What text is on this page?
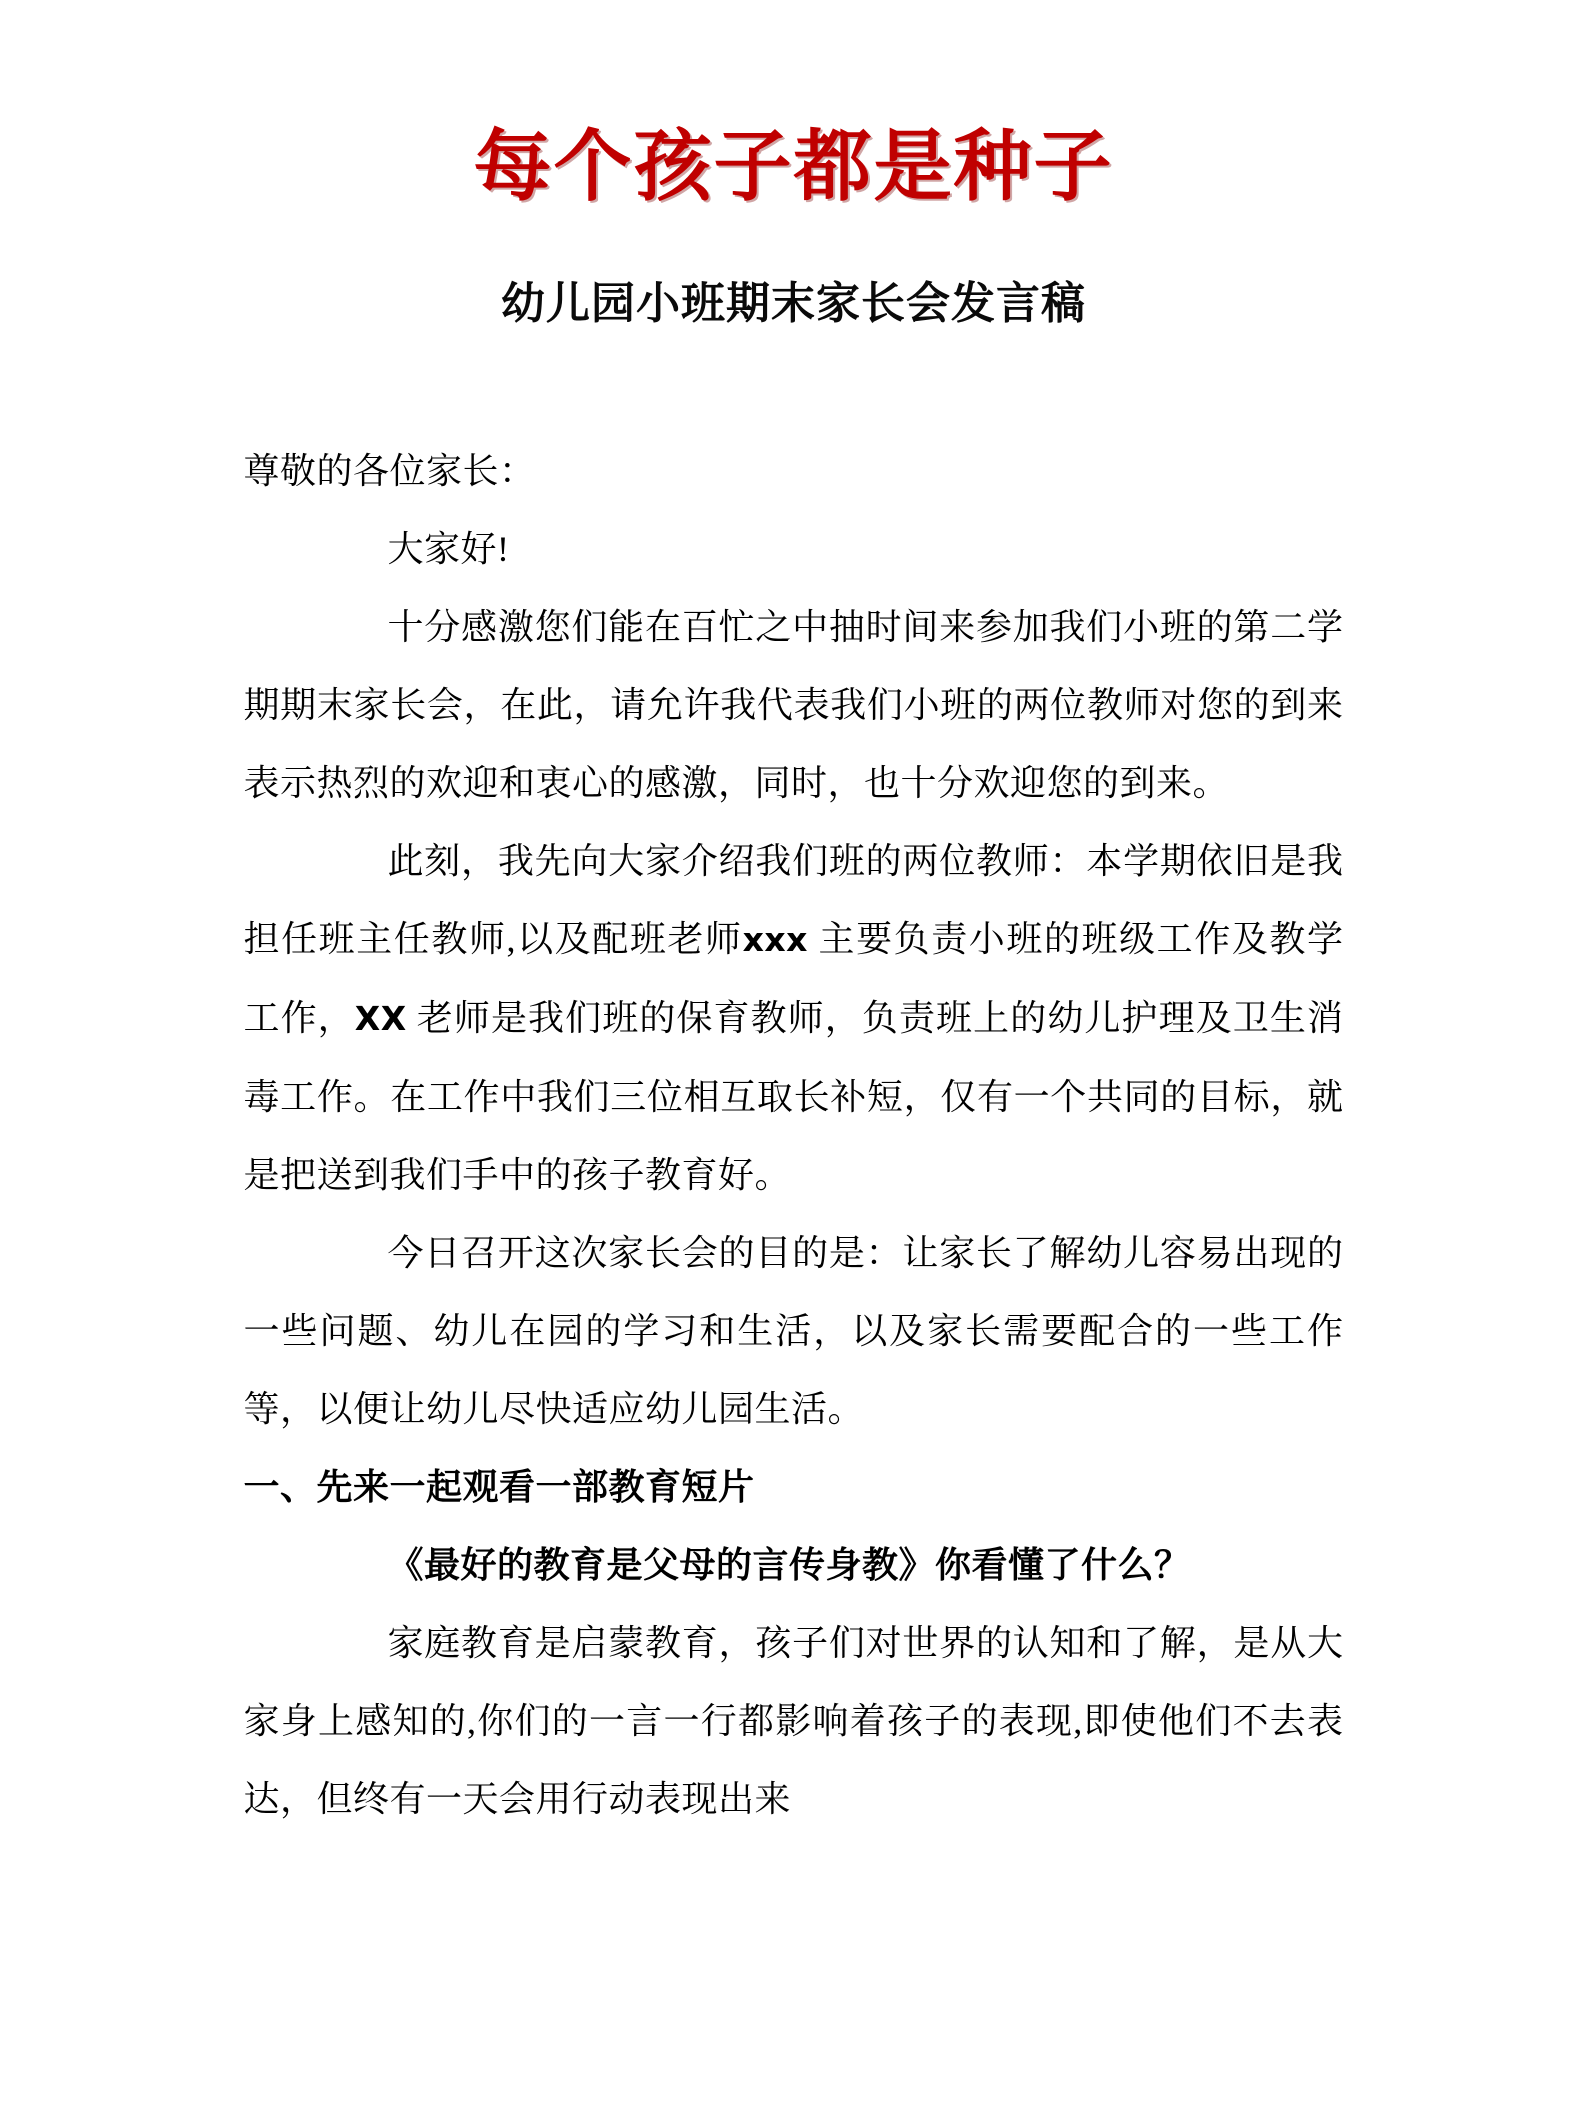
每个孩子都是种子
幼儿园小班期末家长会发言稿

尊敬的各位家长：

大家好!

十分感激您们能在百忙之中抽时间来参加我们小班的第二学期期末家长会，在此，请允许我代表我们小班的两位教师对您的到来表示热烈的欢迎和衷心的感激，同时，也十分欢迎您的到来。

此刻，我先向大家介绍我们班的两位教师：本学期依旧是我担任班主任教师,以及配班老师xxx 主要负责小班的班级工作及教学工作，XX 老师是我们班的保育教师，负责班上的幼儿护理及卫生消毒工作。在工作中我们三位相互取长补短，仅有一个共同的目标，就是把送到我们手中的孩子教育好。

今日召开这次家长会的目的是：让家长了解幼儿容易出现的一些问题、幼儿在园的学习和生活，以及家长需要配合的一些工作等，以便让幼儿尽快适应幼儿园生活。

一、先来一起观看一部教育短片

《最好的教育是父母的言传身教》你看懂了什么？

家庭教育是启蒙教育，孩子们对世界的认知和了解，是从大家身上感知的,你们的一言一行都影响着孩子的表现,即使他们不去表达，但终有一天会用行动表现出来
